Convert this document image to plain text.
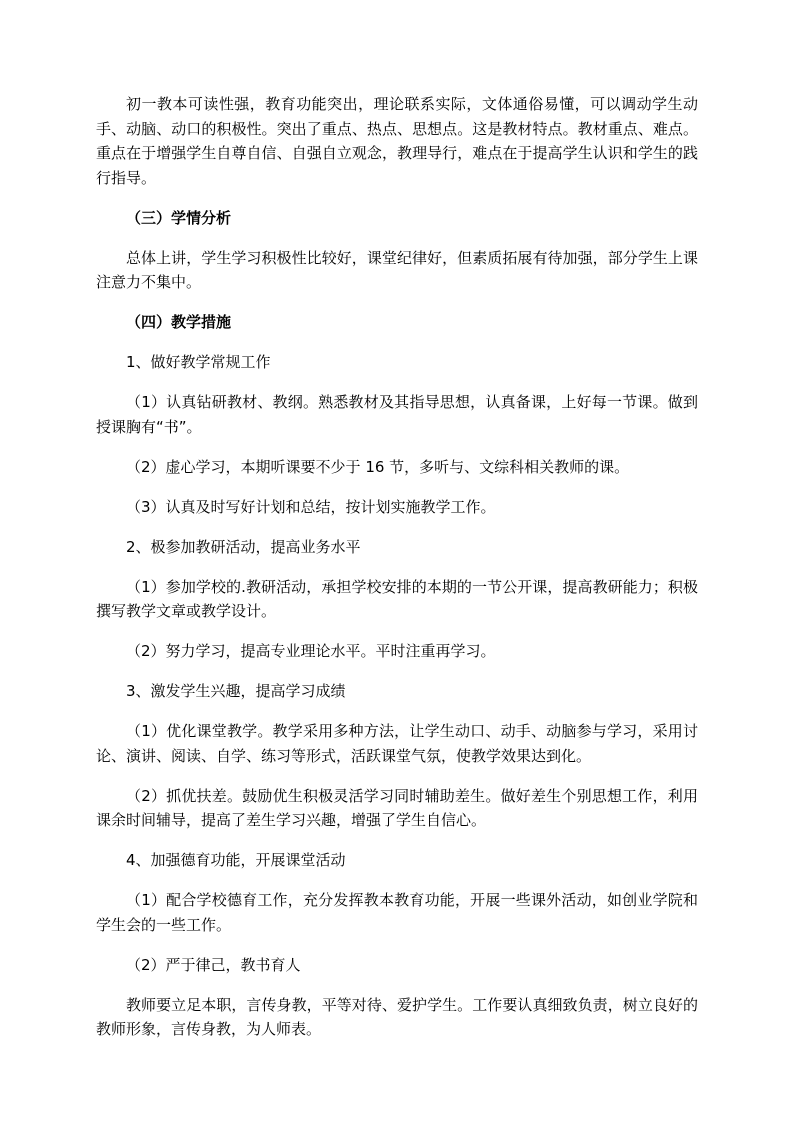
初一教本可读性强，教育功能突出，理论联系实际，文体通俗易懂，可以调动学生动手、动脑、动口的积极性。突出了重点、热点、思想点。这是教材特点。教材重点、难点。重点在于增强学生自尊自信、自强自立观念，教理导行，难点在于提高学生认识和学生的践行指导。

（三）学情分析

总体上讲，学生学习积极性比较好，课堂纪律好，但素质拓展有待加强，部分学生上课注意力不集中。

（四）教学措施

1、做好教学常规工作

（1）认真钻研教材、教纲。熟悉教材及其指导思想，认真备课，上好每一节课。做到授课胸有“书”。

（2）虚心学习，本期听课要不少于 16 节，多听与、文综科相关教师的课。

（3）认真及时写好计划和总结，按计划实施教学工作。

2、极参加教研活动，提高业务水平

（1）参加学校的.教研活动，承担学校安排的本期的一节公开课，提高教研能力；积极撰写教学文章或教学设计。

（2）努力学习，提高专业理论水平。平时注重再学习。

3、激发学生兴趣，提高学习成绩

（1）优化课堂教学。教学采用多种方法，让学生动口、动手、动脑参与学习，采用讨论、演讲、阅读、自学、练习等形式，活跃课堂气氛，使教学效果达到化。

（2）抓优扶差。鼓励优生积极灵活学习同时辅助差生。做好差生个别思想工作，利用课余时间辅导，提高了差生学习兴趣，增强了学生自信心。

4、加强德育功能，开展课堂活动

（1）配合学校德育工作，充分发挥教本教育功能，开展一些课外活动，如创业学院和学生会的一些工作。

（2）严于律己，教书育人

教师要立足本职，言传身教，平等对待、爱护学生。工作要认真细致负责，树立良好的教师形象，言传身教，为人师表。
